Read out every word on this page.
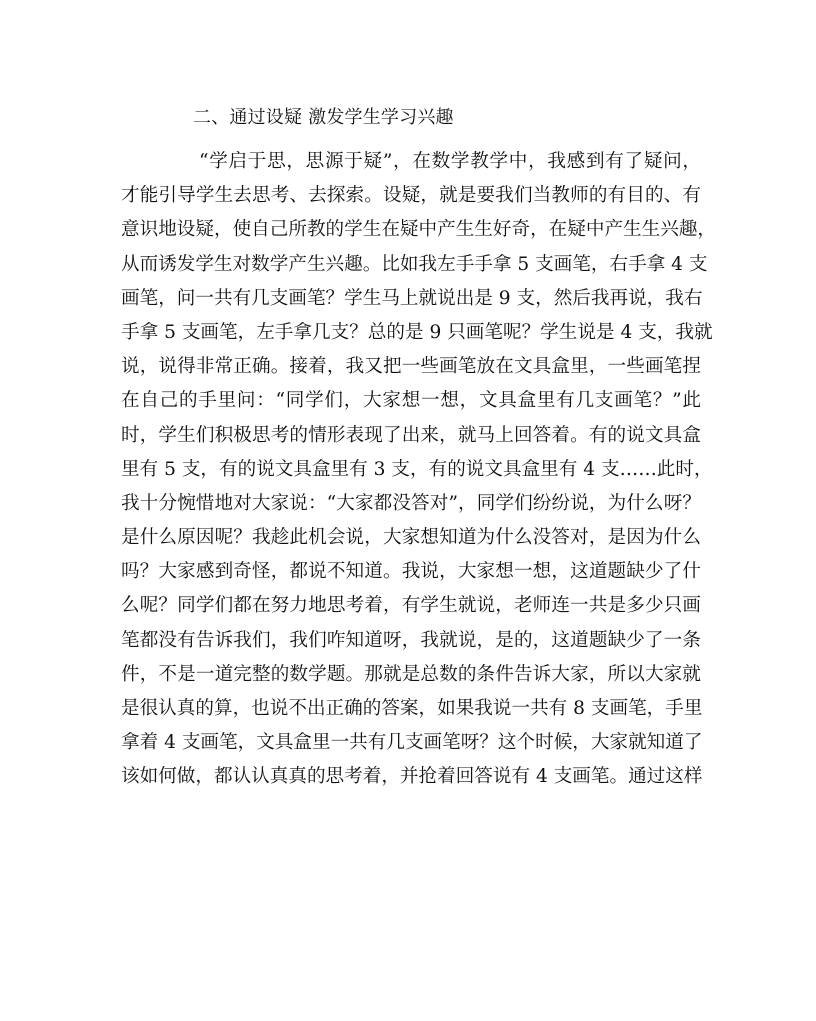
二、通过设疑 激发学生学习兴趣
“学启于思，思源于疑”，在数学教学中，我感到有了疑问，
才能引导学生去思考、去探索。设疑，就是要我们当教师的有目的、有
意识地设疑，使自己所教的学生在疑中产生生好奇，在疑中产生生兴趣，
从而诱发学生对数学产生兴趣。比如我左手手拿 5 支画笔，右手拿 4 支
画笔，问一共有几支画笔？学生马上就说出是 9 支，然后我再说，我右
手拿 5 支画笔，左手拿几支？总的是 9 只画笔呢？学生说是 4 支，我就
说，说得非常正确。接着，我又把一些画笔放在文具盒里，一些画笔捏
在自己的手里问：“同学们，大家想一想，文具盒里有几支画笔？”此
时，学生们积极思考的情形表现了出来，就马上回答着。有的说文具盒
里有 5 支，有的说文具盒里有 3 支，有的说文具盒里有 4 支……此时，
我十分惋惜地对大家说：“大家都没答对”，同学们纷纷说，为什么呀？
是什么原因呢？我趁此机会说，大家想知道为什么没答对，是因为什么
吗？大家感到奇怪，都说不知道。我说，大家想一想，这道题缺少了什
么呢？同学们都在努力地思考着，有学生就说，老师连一共是多少只画
笔都没有告诉我们，我们咋知道呀，我就说，是的，这道题缺少了一条
件，不是一道完整的数学题。那就是总数的条件告诉大家，所以大家就
是很认真的算，也说不出正确的答案，如果我说一共有 8 支画笔，手里
拿着 4 支画笔，文具盒里一共有几支画笔呀？这个时候，大家就知道了
该如何做，都认认真真的思考着，并抢着回答说有 4 支画笔。通过这样
